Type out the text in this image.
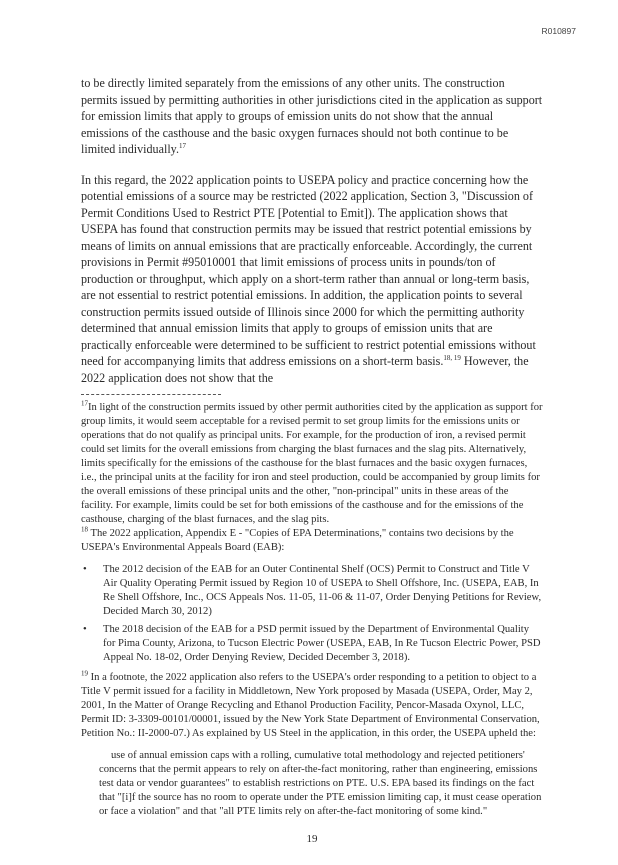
R010897

to be directly limited separately from the emissions of any other units. The construction permits issued by permitting authorities in other jurisdictions cited in the application as support for emission limits that apply to groups of emission units do not show that the annual emissions of the casthouse and the basic oxygen furnaces should not both continue to be limited individually.$^{17}$

In this regard, the 2022 application points to USEPA policy and practice concerning how the potential emissions of a source may be restricted (2022 application, Section 3, "Discussion of Permit Conditions Used to Restrict PTE [Potential to Emit]). The application shows that USEPA has found that construction permits may be issued that restrict potential emissions by means of limits on annual emissions that are practically enforceable. Accordingly, the current provisions in Permit #95010001 that limit emissions of process units in pounds/ton of production or throughput, which apply on a short-term rather than annual or long-term basis, are not essential to restrict potential emissions. In addition, the application points to several construction permits issued outside of Illinois since 2000 for which the permitting authority determined that annual emission limits that apply to groups of emission units that are practically enforceable were determined to be sufficient to restrict potential emissions without need for accompanying limits that address emissions on a short-term basis.$^{18, 19}$ However, the 2022 application does not show that the

$^{17}$In light of the construction permits issued by other permit authorities cited by the application as support for group limits, it would seem acceptable for a revised permit to set group limits for the emissions units or operations that do not qualify as principal units. For example, for the production of iron, a revised permit could set limits for the overall emissions from charging the blast furnaces and the slag pits. Alternatively, limits specifically for the emissions of the casthouse for the blast furnaces and the basic oxygen furnaces, i.e., the principal units at the facility for iron and steel production, could be accompanied by group limits for the overall emissions of these principal units and the other, "non-principal" units in these areas of the facility. For example, limits could be set for both emissions of the casthouse and for the emissions of the casthouse, charging of the blast furnaces, and the slag pits.

$^{18}$ The 2022 application, Appendix E - "Copies of EPA Determinations," contains two decisions by the USEPA's Environmental Appeals Board (EAB):

• The 2012 decision of the EAB for an Outer Continental Shelf (OCS) Permit to Construct and Title V Air Quality Operating Permit issued by Region 10 of USEPA to Shell Offshore, Inc. (USEPA, EAB, In Re Shell Offshore, Inc., OCS Appeals Nos. 11-05, 11-06 & 11-07, Order Denying Petitions for Review, Decided March 30, 2012)
• The 2018 decision of the EAB for a PSD permit issued by the Department of Environmental Quality for Pima County, Arizona, to Tucson Electric Power (USEPA, EAB, In Re Tucson Electric Power, PSD Appeal No. 18-02, Order Denying Review, Decided December 3, 2018).

$^{19}$ In a footnote, the 2022 application also refers to the USEPA's order responding to a petition to object to a Title V permit issued for a facility in Middletown, New York proposed by Masada (USEPA, Order, May 2, 2001, In the Matter of Orange Recycling and Ethanol Production Facility, Pencor-Masada Oxynol, LLC, Permit ID: 3-3309-00101/00001, issued by the New York State Department of Environmental Conservation, Petition No.: II-2000-07.) As explained by US Steel in the application, in this order, the USEPA upheld the:

use of annual emission caps with a rolling, cumulative total methodology and rejected petitioners' concerns that the permit appears to rely on after-the-fact monitoring, rather than engineering, emissions test data or vendor guarantees" to establish restrictions on PTE. U.S. EPA based its findings on the fact that "[i]f the source has no room to operate under the PTE emission limiting cap, it must cease operation or face a violation" and that "all PTE limits rely on after-the-fact monitoring of some kind."

19
